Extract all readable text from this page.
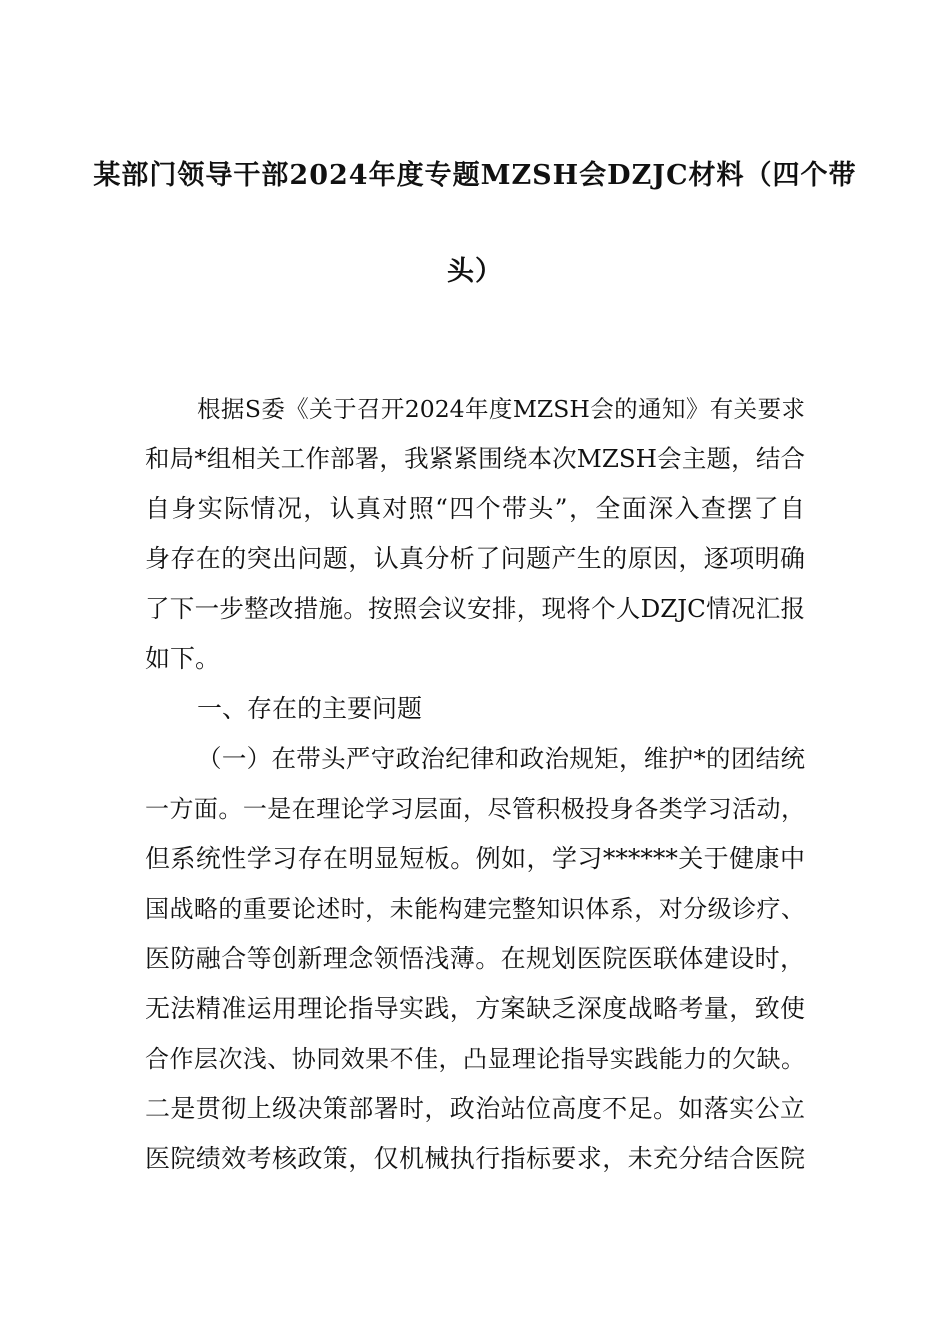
某部门领导干部2024年度专题MZSH会DZJC材料（四个带
头）
根据S委《关于召开2024年度MZSH会的通知》有关要求
和局*组相关工作部署，我紧紧围绕本次MZSH会主题，结合
自身实际情况，认真对照“四个带头”，全面深入查摆了自
身存在的突出问题，认真分析了问题产生的原因，逐项明确
了下一步整改措施。按照会议安排，现将个人DZJC情况汇报
如下。
一、存在的主要问题
（一）在带头严守政治纪律和政治规矩，维护*的团结统
一方面。一是在理论学习层面，尽管积极投身各类学习活动，
但系统性学习存在明显短板。例如，学习******关于健康中
国战略的重要论述时，未能构建完整知识体系，对分级诊疗、
医防融合等创新理念领悟浅薄。在规划医院医联体建设时，
无法精准运用理论指导实践，方案缺乏深度战略考量，致使
合作层次浅、协同效果不佳，凸显理论指导实践能力的欠缺。
二是贯彻上级决策部署时，政治站位高度不足。如落实公立
医院绩效考核政策，仅机械执行指标要求，未充分结合医院
